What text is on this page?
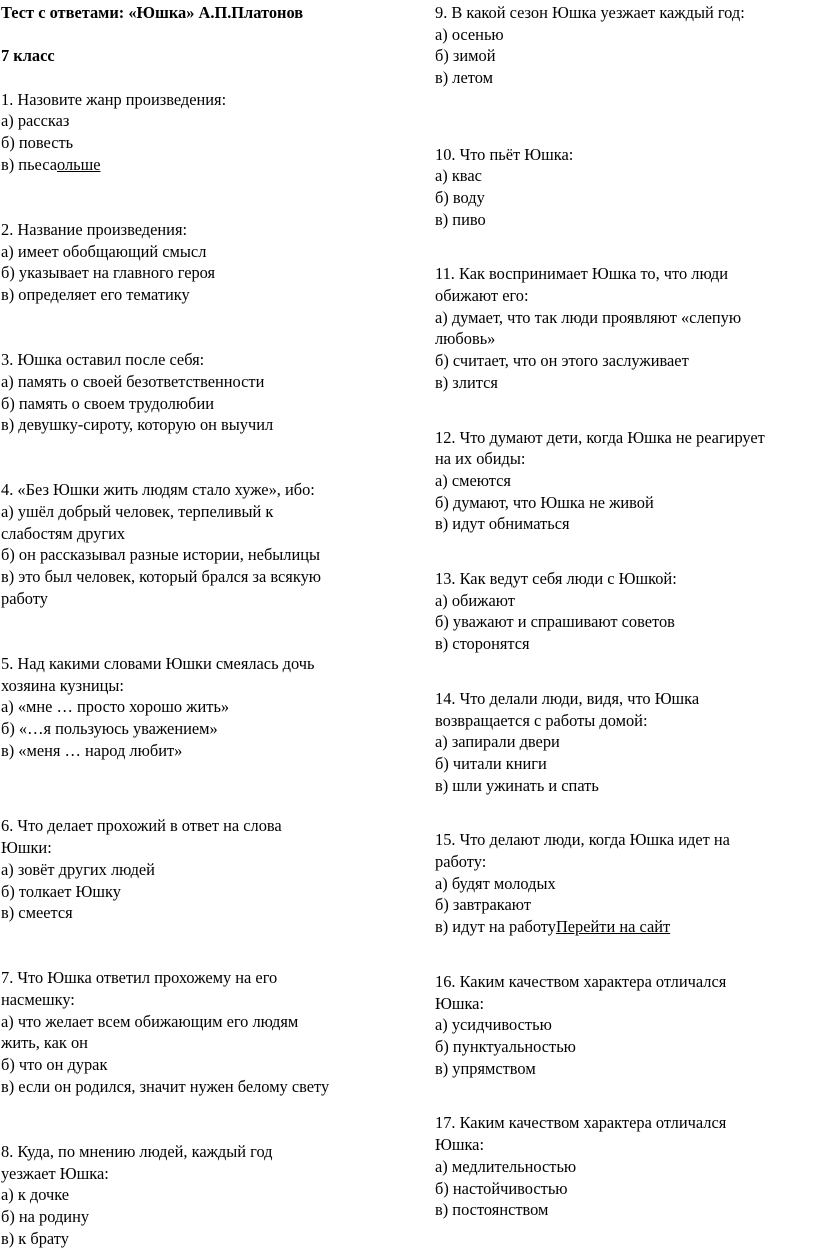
Тест с ответами: «Юшка» А.П.Платонов
7 класс
1. Назовите жанр произведения:
а) рассказ
б) повесть
в) пьесаольше
2. Название произведения:
а) имеет обобщающий смысл
б) указывает на главного героя
в) определяет его тематику
3. Юшка оставил после себя:
а) память о своей безответственности
б) память о своем трудолюбии
в) девушку-сироту, которую он выучил
4. «Без Юшки жить людям стало хуже», ибо:
а) ушёл добрый человек, терпеливый к
слабостям других
б) он рассказывал разные истории, небылицы
в) это был человек, который брался за всякую
работу
5. Над какими словами Юшки смеялась дочь
хозяина кузницы:
а) «мне … просто хорошо жить»
б) «…я пользуюсь уважением»
в) «меня … народ любит»
6. Что делает прохожий в ответ на слова
Юшки:
а) зовёт других людей
б) толкает Юшку
в) смеется
7. Что Юшка ответил прохожему на его
насмешку:
а) что желает всем обижающим его людям
жить, как он
б) что он дурак
в) если он родился, значит нужен белому свету
8. Куда, по мнению людей, каждый год
уезжает Юшка:
а) к дочке
б) на родину
в) к брату
9. В какой сезон Юшка уезжает каждый год:
а) осенью
б) зимой
в) летом
10. Что пьёт Юшка:
а) квас
б) воду
в) пиво
11. Как воспринимает Юшка то, что люди
обижают его:
а) думает, что так люди проявляют «слепую
любовь»
б) считает, что он этого заслуживает
в) злится
12. Что думают дети, когда Юшка не реагирует
на их обиды:
а) смеются
б) думают, что Юшка не живой
в) идут обниматься
13. Как ведут себя люди с Юшкой:
а) обижают
б) уважают и спрашивают советов
в) сторонятся
14. Что делали люди, видя, что Юшка
возвращается с работы домой:
а) запирали двери
б) читали книги
в) шли ужинать и спать
15. Что делают люди, когда Юшка идет на
работу:
а) будят молодых
б) завтракают
в) идут на работуПерейти на сайт
16. Каким качеством характера отличался
Юшка:
а) усидчивостью
б) пунктуальностью
в) упрямством
17. Каким качеством характера отличался
Юшка:
а) медлительностью
б) настойчивостью
в) постоянством
